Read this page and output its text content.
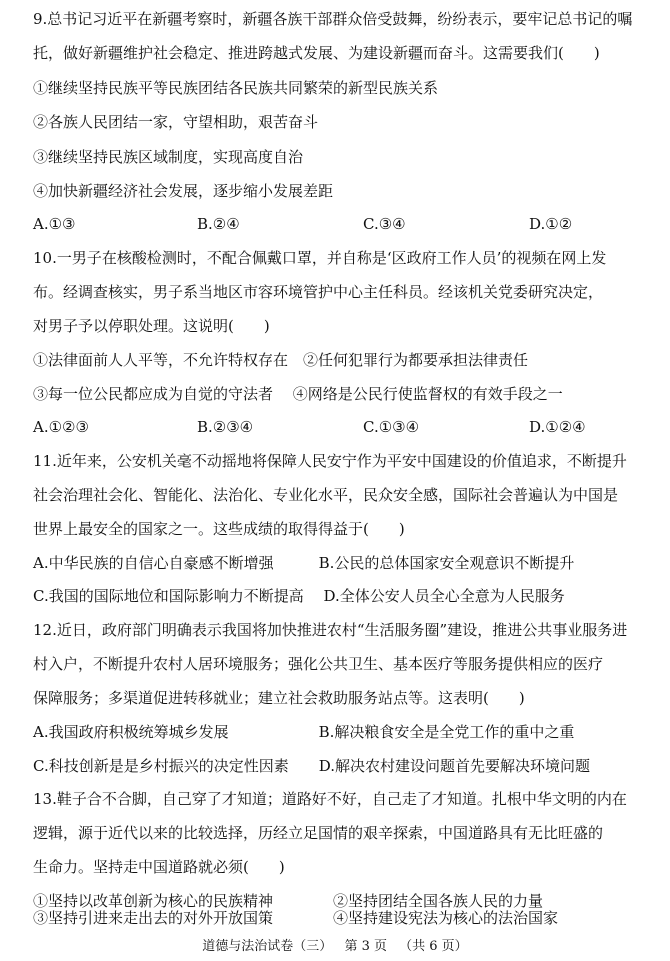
9.总书记习近平在新疆考察时，新疆各族干部群众倍受鼓舞，纷纷表示，要牢记总书记的嘱
托，做好新疆维护社会稳定、推进跨越式发展、为建设新疆而奋斗。这需要我们(　　)
①继续坚持民族平等民族团结各民族共同繁荣的新型民族关系
②各族人民团结一家，守望相助，艰苦奋斗
③继续坚持民族区域制度，实现高度自治
④加快新疆经济社会发展，逐步缩小发展差距
A.①③	B.②④	C.③④	D.①②
10.一男子在核酸检测时，不配合佩戴口罩，并自称是‘区政府工作人员’的视频在网上发
布。经调查核实，男子系当地区市容环境管护中心主任科员。经该机关党委研究决定，
对男子予以停职处理。这说明(　　)
①法律面前人人平等，不允许特权存在　②任何犯罪行为都要承担法律责任
③每一位公民都应成为自觉的守法者　 ④网络是公民行使监督权的有效手段之一
A.①②③	B.②③④	C.①③④	D.①②④
11.近年来，公安机关毫不动摇地将保障人民安宁作为平安中国建设的价值追求，不断提升
社会治理社会化、智能化、法治化、专业化水平，民众安全感，国际社会普遍认为中国是
世界上最安全的国家之一。这些成绩的取得得益于(　　)
A.中华民族的自信心自豪感不断增强　　　B.公民的总体国家安全观意识不断提升
C.我国的国际地位和国际影响力不断提高　 D.全体公安人员全心全意为人民服务
12.近日，政府部门明确表示我国将加快推进农村“生活服务圈”建设，推进公共事业服务进
村入户，不断提升农村人居环境服务；强化公共卫生、基本医疗等服务提供相应的医疗
保障服务；多渠道促进转移就业；建立社会救助服务站点等。这表明(　　)
A.我国政府积极统筹城乡发展　　　　　　B.解决粮食安全是全党工作的重中之重
C.科技创新是是乡村振兴的决定性因素　　D.解决农村建设问题首先要解决环境问题
13.鞋子合不合脚，自己穿了才知道；道路好不好，自己走了才知道。扎根中华文明的内在
逻辑，源于近代以来的比较选择，历经立足国情的艰辛探索，中国道路具有无比旺盛的
生命力。坚持走中国道路就必须(　　)
①坚持以改革创新为核心的民族精神　　　　②坚持团结全国各族人民的力量
道德与法治试卷（三） 第 3 页 （共 6 页）
③坚持引进来走出去的对外开放国策　　　　④坚持建设宪法为核心的法治国家
